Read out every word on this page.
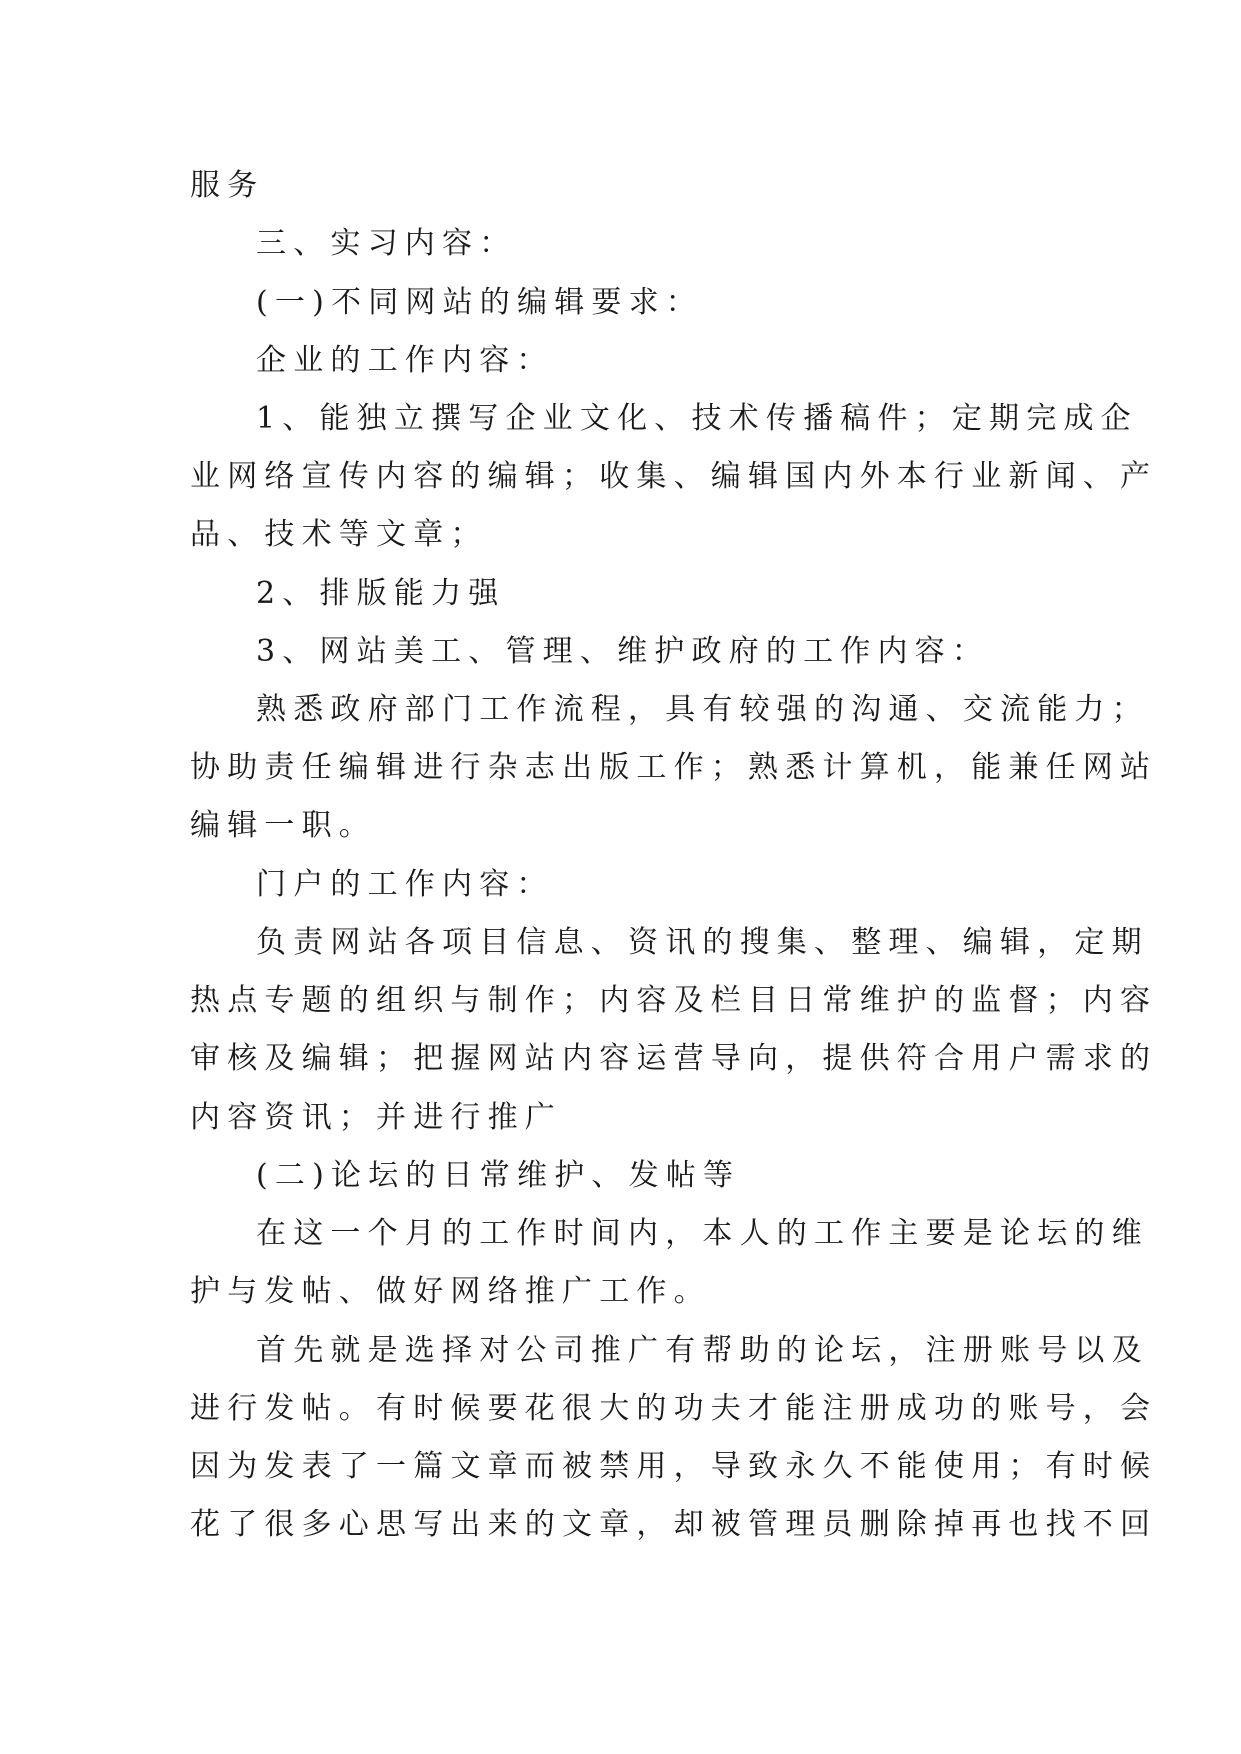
服务

三、实习内容：

(一)不同网站的编辑要求：

企业的工作内容：

1、能独立撰写企业文化、技术传播稿件；定期完成企

业网络宣传内容的编辑；收集、编辑国内外本行业新闻、产

品、技术等文章；

2、排版能力强

3、网站美工、管理、维护政府的工作内容：

熟悉政府部门工作流程，具有较强的沟通、交流能力；

协助责任编辑进行杂志出版工作；熟悉计算机，能兼任网站

编辑一职。

门户的工作内容：

负责网站各项目信息、资讯的搜集、整理、编辑，定期

热点专题的组织与制作；内容及栏目日常维护的监督；内容

审核及编辑；把握网站内容运营导向，提供符合用户需求的

内容资讯；并进行推广

(二)论坛的日常维护、发帖等

在这一个月的工作时间内，本人的工作主要是论坛的维

护与发帖、做好网络推广工作。

首先就是选择对公司推广有帮助的论坛，注册账号以及

进行发帖。有时候要花很大的功夫才能注册成功的账号，会

因为发表了一篇文章而被禁用，导致永久不能使用；有时候

花了很多心思写出来的文章，却被管理员删除掉再也找不回
